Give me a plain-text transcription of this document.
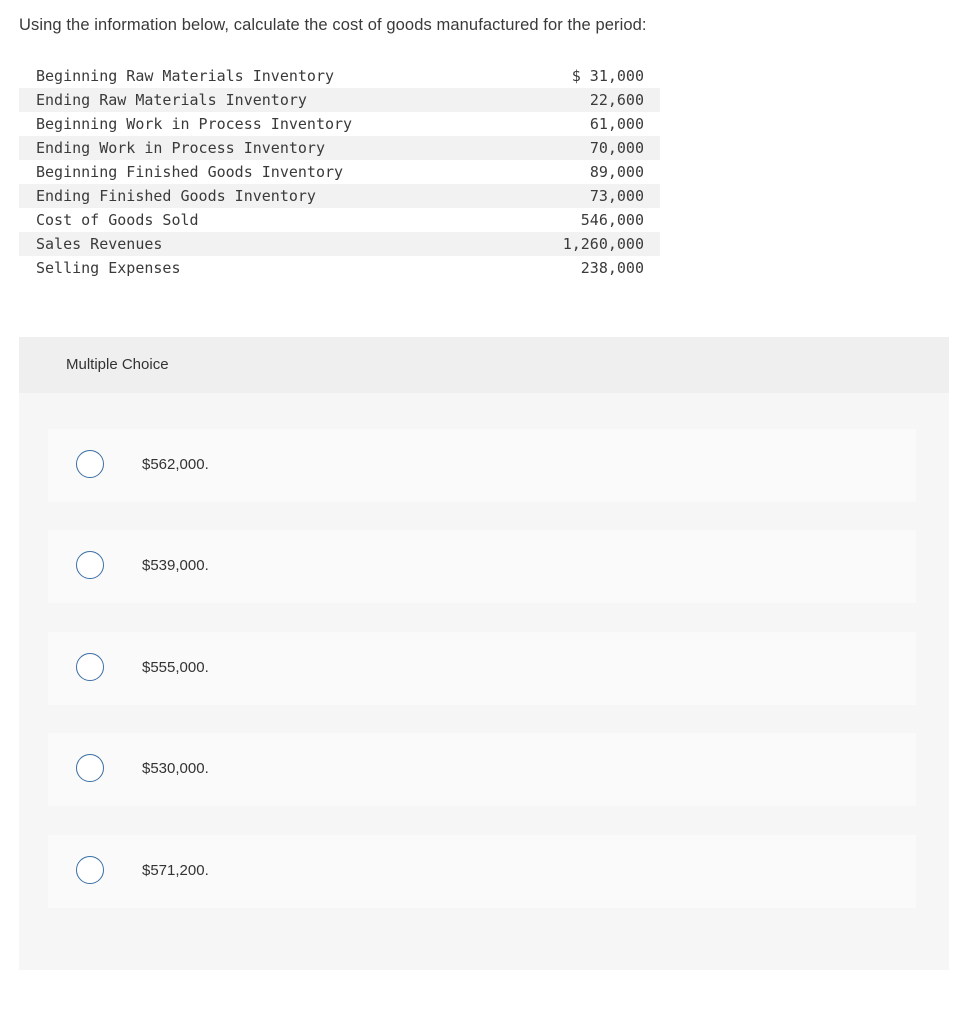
Using the information below, calculate the cost of goods manufactured for the period:
Beginning Raw Materials Inventory	$ 31,000
Ending Raw Materials Inventory	22,600
Beginning Work in Process Inventory	61,000
Ending Work in Process Inventory	70,000
Beginning Finished Goods Inventory	89,000
Ending Finished Goods Inventory	73,000
Cost of Goods Sold	546,000
Sales Revenues	1,260,000
Selling Expenses	238,000
Multiple Choice
$562,000.
$539,000.
$555,000.
$530,000.
$571,200.
